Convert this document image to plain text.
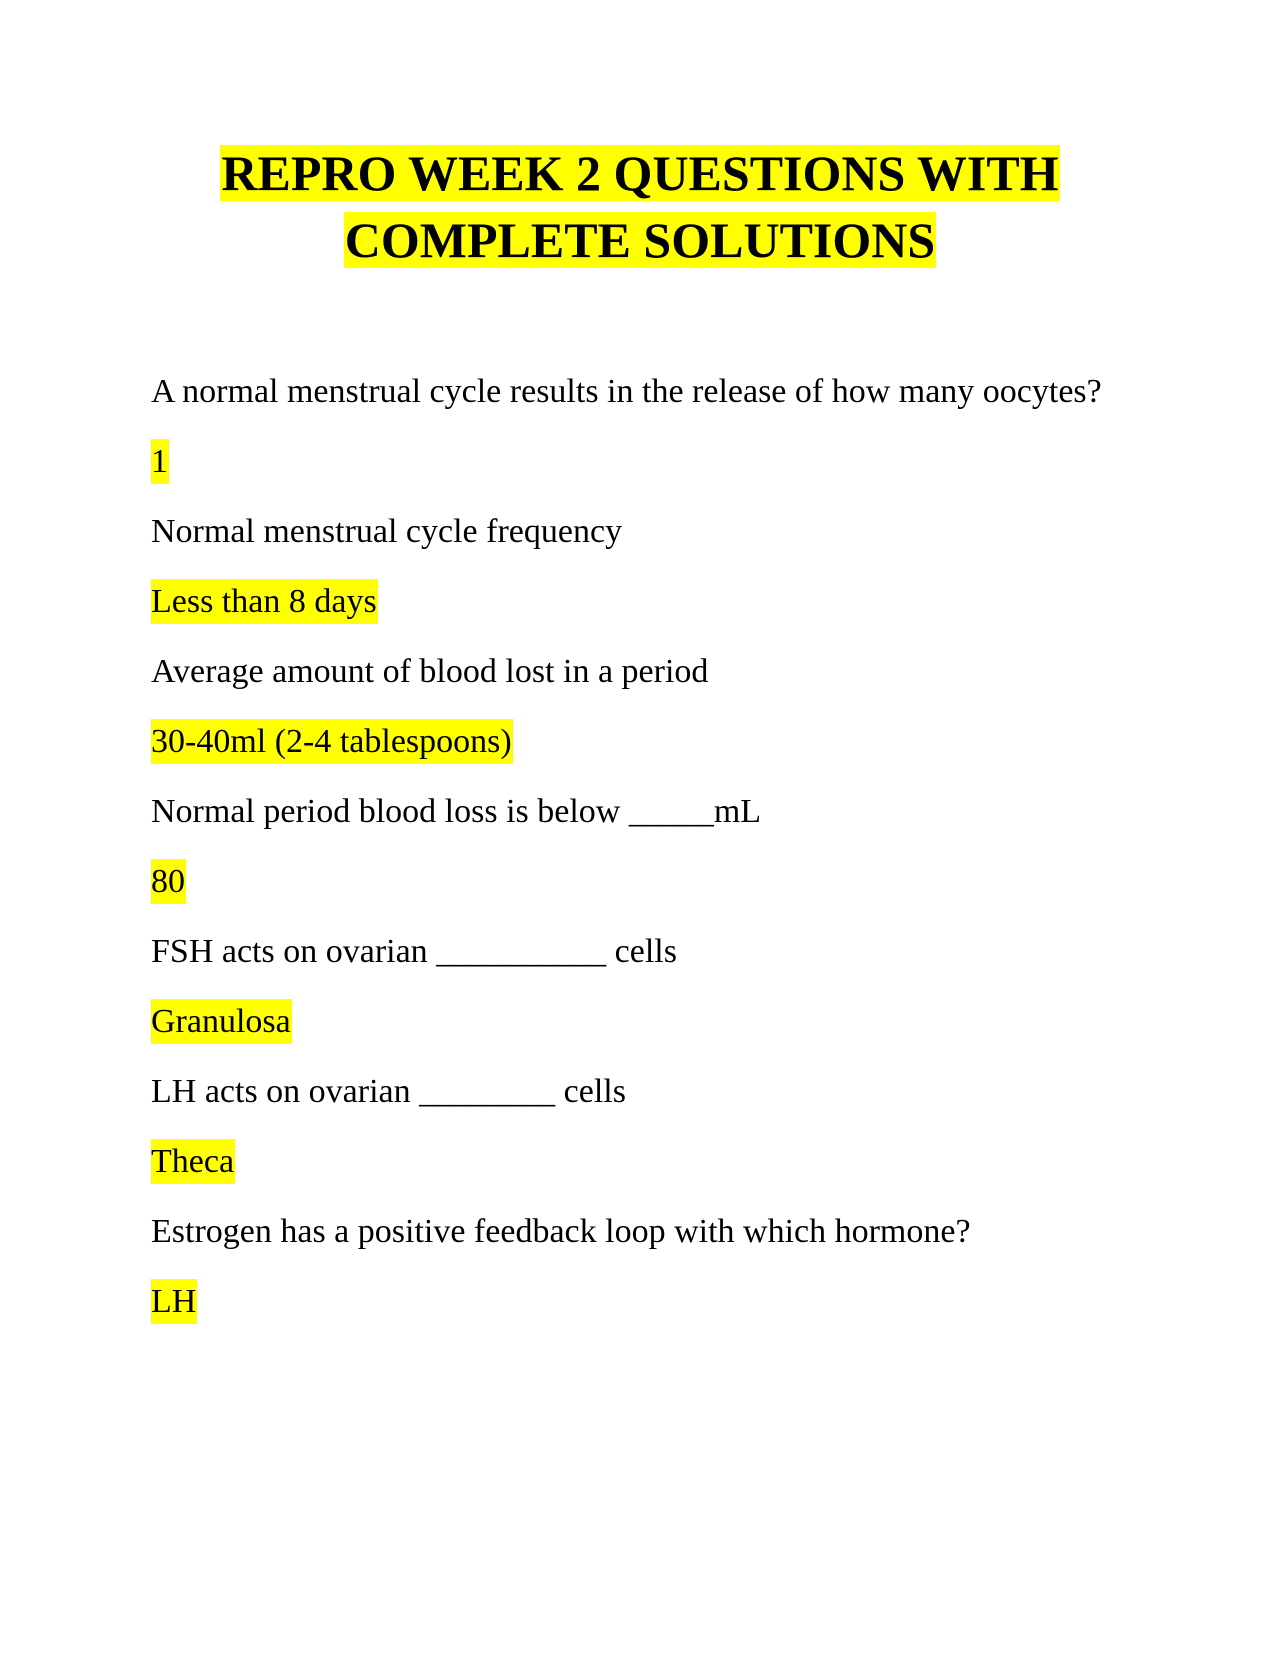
REPRO WEEK 2 QUESTIONS WITH
COMPLETE SOLUTIONS

A normal menstrual cycle results in the release of how many oocytes?

1

Normal menstrual cycle frequency

Less than 8 days

Average amount of blood lost in a period

30-40ml (2-4 tablespoons)

Normal period blood loss is below _____mL

80

FSH acts on ovarian __________ cells

Granulosa

LH acts on ovarian ________ cells

Theca

Estrogen has a positive feedback loop with which hormone?

LH
